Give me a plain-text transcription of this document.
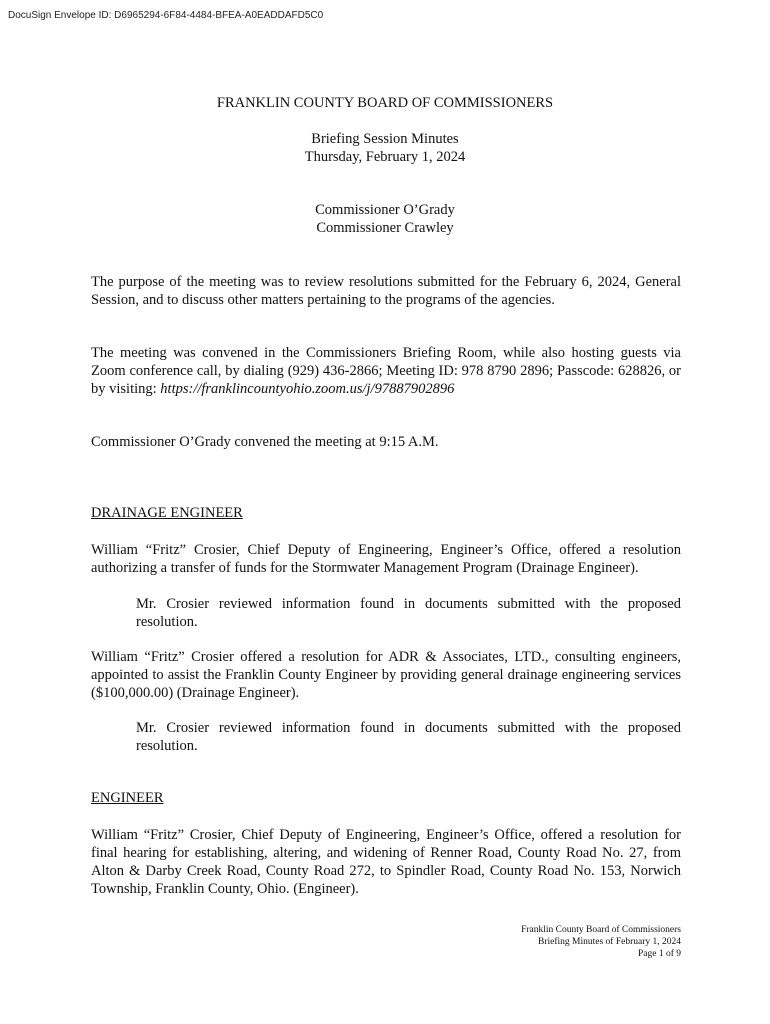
DocuSign Envelope ID: D6965294-6F84-4484-BFEA-A0EADDAFD5C0

FRANKLIN COUNTY BOARD OF COMMISSIONERS

Briefing Session Minutes

Thursday, February 1, 2024

Commissioner O’Grady

Commissioner Crawley

The purpose of the meeting was to review resolutions submitted for the February 6, 2024, General Session, and to discuss other matters pertaining to the programs of the agencies.

The meeting was convened in the Commissioners Briefing Room, while also hosting guests via Zoom conference call, by dialing (929) 436-2866; Meeting ID: 978 8790 2896; Passcode: 628826, or by visiting: https://franklincountyohio.zoom.us/j/97887902896

Commissioner O’Grady convened the meeting at 9:15 A.M.

DRAINAGE ENGINEER

William “Fritz” Crosier, Chief Deputy of Engineering, Engineer’s Office, offered a resolution authorizing a transfer of funds for the Stormwater Management Program (Drainage Engineer).

Mr. Crosier reviewed information found in documents submitted with the proposed resolution.

William “Fritz” Crosier offered a resolution for ADR & Associates, LTD., consulting engineers, appointed to assist the Franklin County Engineer by providing general drainage engineering services ($100,000.00) (Drainage Engineer).

Mr. Crosier reviewed information found in documents submitted with the proposed resolution.

ENGINEER

William “Fritz” Crosier, Chief Deputy of Engineering, Engineer’s Office, offered a resolution for final hearing for establishing, altering, and widening of Renner Road, County Road No. 27, from Alton & Darby Creek Road, County Road 272, to Spindler Road, County Road No. 153, Norwich Township, Franklin County, Ohio. (Engineer).

Franklin County Board of Commissioners
Briefing Minutes of February 1, 2024
Page 1 of 9
